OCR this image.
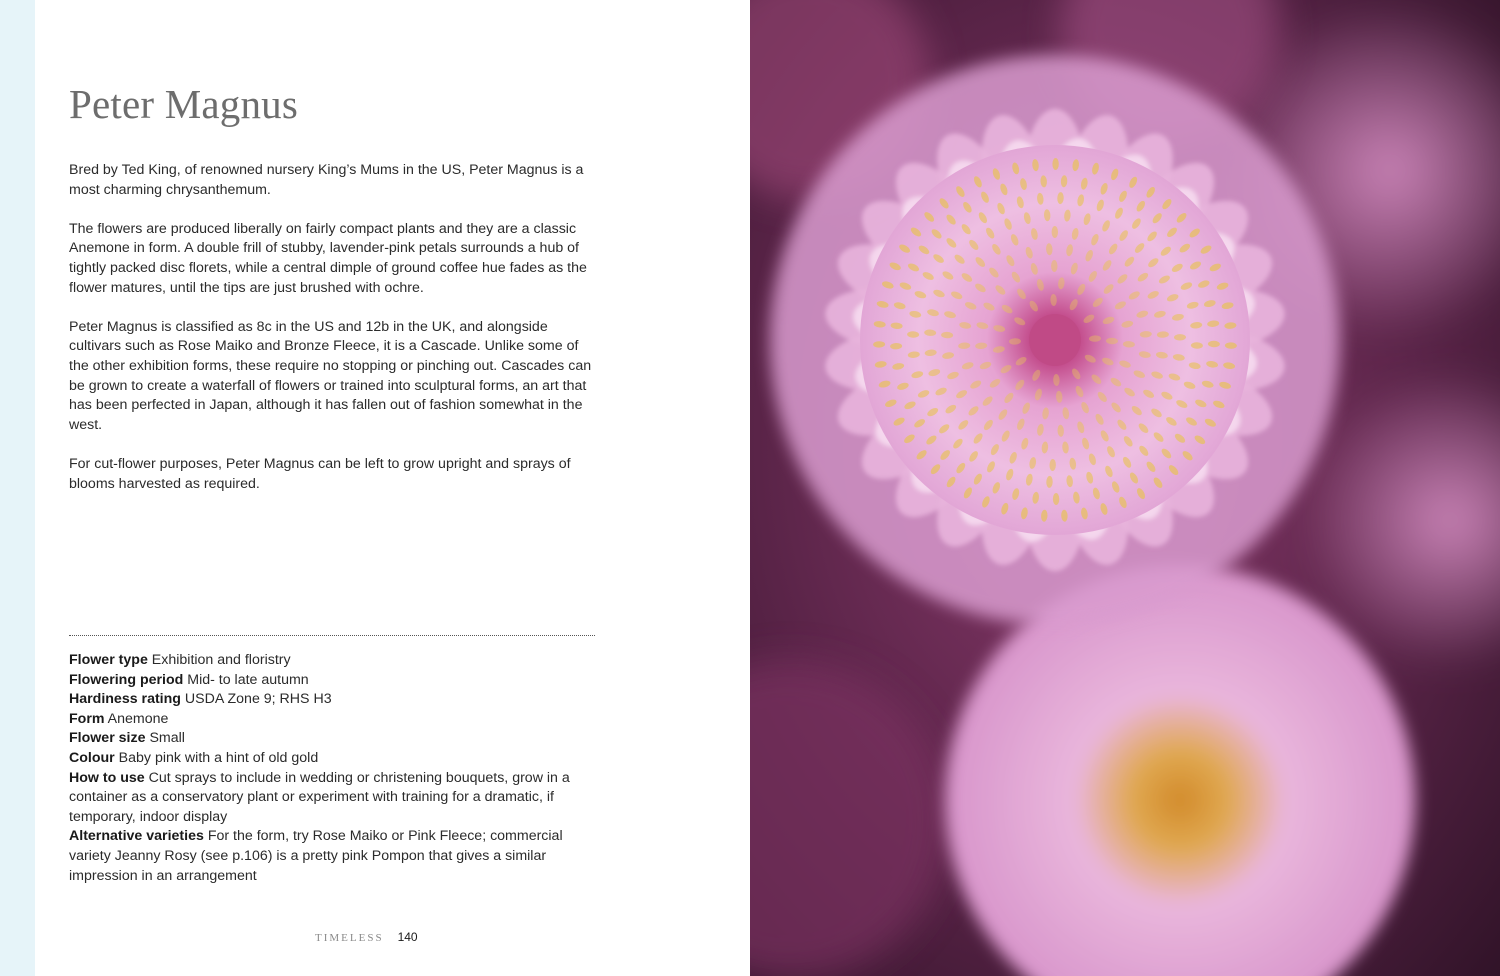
Peter Magnus

Bred by Ted King, of renowned nursery King’s Mums in the US, Peter Magnus is a most charming chrysanthemum.

The flowers are produced liberally on fairly compact plants and they are a classic Anemone in form. A double frill of stubby, lavender-pink petals surrounds a hub of tightly packed disc florets, while a central dimple of ground coffee hue fades as the flower matures, until the tips are just brushed with ochre.

Peter Magnus is classified as 8c in the US and 12b in the UK, and alongside cultivars such as Rose Maiko and Bronze Fleece, it is a Cascade. Unlike some of the other exhibition forms, these require no stopping or pinching out. Cascades can be grown to create a waterfall of flowers or trained into sculptural forms, an art that has been perfected in Japan, although it has fallen out of fashion somewhat in the west.

For cut-flower purposes, Peter Magnus can be left to grow upright and sprays of blooms harvested as required.

Flower type Exhibition and floristry

Flowering period Mid- to late autumn

Hardiness rating USDA Zone 9; RHS H3

Form Anemone

Flower size Small

Colour Baby pink with a hint of old gold

How to use Cut sprays to include in wedding or christening bouquets, grow in a container as a conservatory plant or experiment with training for a dramatic, if temporary, indoor display

Alternative varieties For the form, try Rose Maiko or Pink Fleece; commercial variety Jeanny Rosy (see p.106) is a pretty pink Pompon that gives a similar impression in an arrangement

TIMELESS 140
